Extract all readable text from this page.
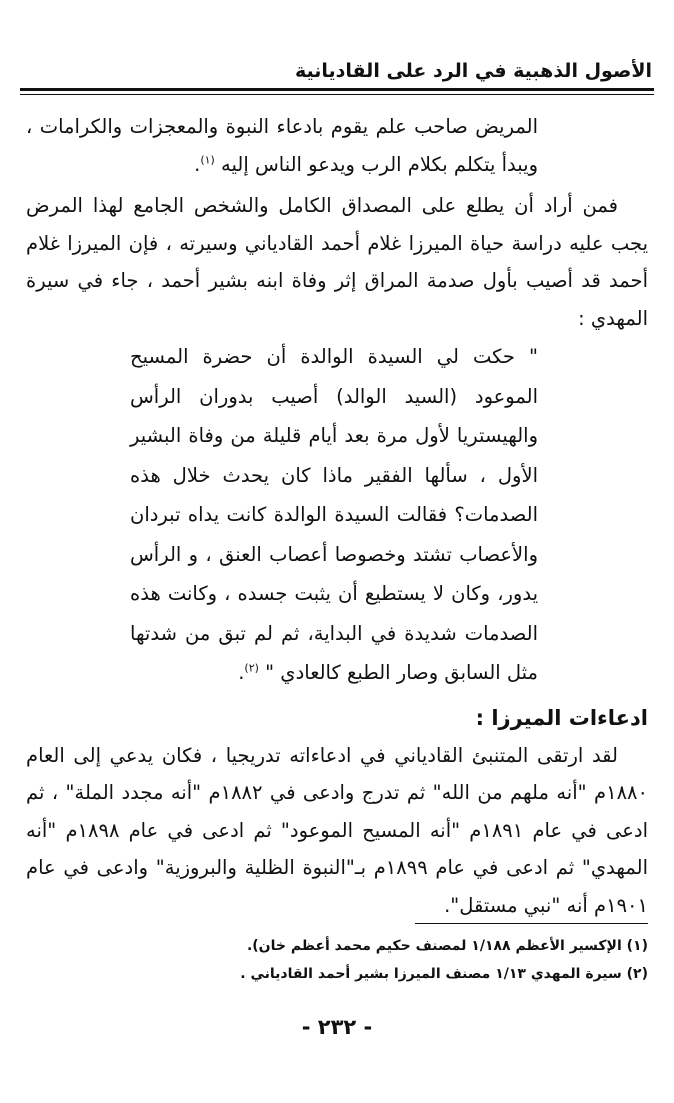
الأصول الذهبية في الرد على القاديانية

المريض صاحب علم يقوم بادعاء النبوة والمعجزات والكرامات ، ويبدأ يتكلم بكلام الرب ويدعو الناس إليه $^{(١)}$.

فمن أراد أن يطلع على المصداق الكامل والشخص الجامع لهذا المرض يجب عليه دراسة حياة الميرزا غلام أحمد القادياني وسيرته ، فإن الميرزا غلام أحمد قد أصيب بأول صدمة المراق إثر وفاة ابنه بشير أحمد ، جاء في سيرة المهدي :

" حكت لي السيدة الوالدة أن حضرة المسيح الموعود (السيد الوالد) أصيب بدوران الرأس والهيستريا لأول مرة بعد أيام قليلة من وفاة البشير الأول ، سألها الفقير ماذا كان يحدث خلال هذه الصدمات؟ فقالت السيدة الوالدة كانت يداه تبردان والأعصاب تشتد وخصوصا أعصاب العنق ، و الرأس يدور، وكان لا يستطيع أن يثبت جسده ، وكانت هذه الصدمات شديدة في البداية، ثم لم تبق من شدتها مثل السابق وصار الطبع كالعادي " $^{(٢)}$.

ادعاءات الميرزا :

لقد ارتقى المتنبئ القادياني في ادعاءاته تدريجيا ، فكان يدعي إلى العام ١٨٨٠م "أنه ملهم من الله" ثم تدرج وادعى في ١٨٨٢م "أنه مجدد الملة" ، ثم ادعى في عام ١٨٩١م "أنه المسيح الموعود" ثم ادعى في عام ١٨٩٨م "أنه المهدي" ثم ادعى في عام ١٨٩٩م بـ"النبوة الظلية والبروزية" وادعى في عام ١٩٠١م أنه "نبي مستقل".

(١) الإكسير الأعظم ١/١٨٨ لمصنف حكيم محمد أعظم خان).

(٢) سيرة المهدي ١/١٣ مصنف الميرزا بشير أحمد القادياني .

- ٢٣٢ -
